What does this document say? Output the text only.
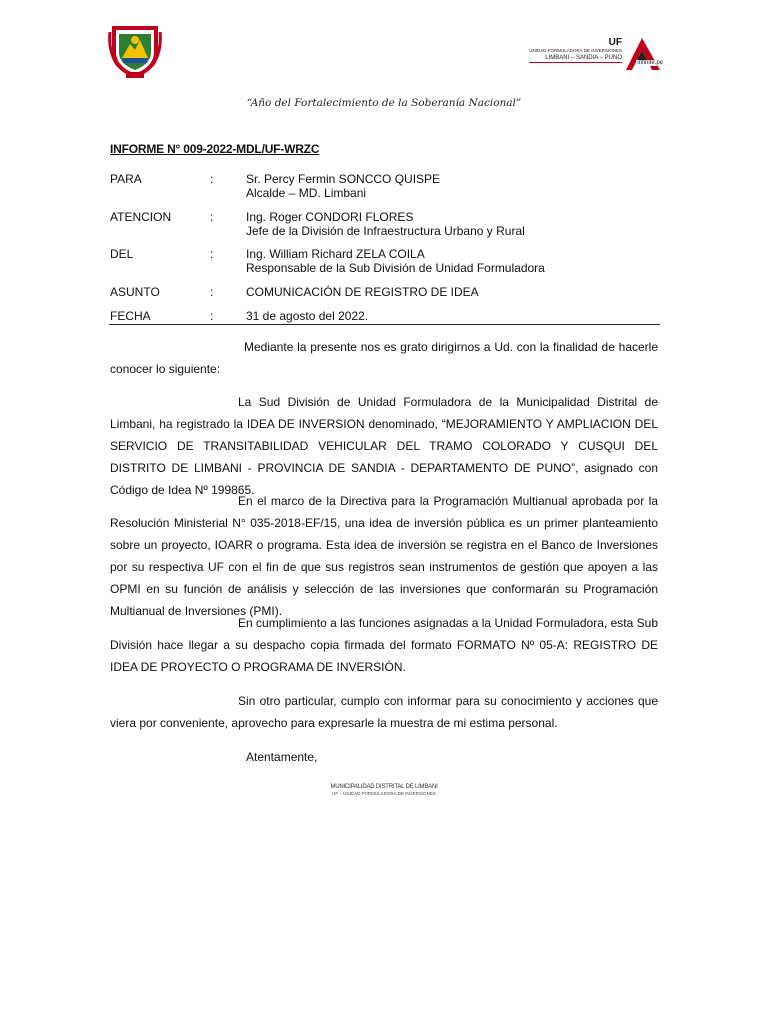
UF
UNIDAD FORMULADORA DE INVERSIONES
LIMBANI – SANDIA – PUNO
infinite.pe
“Año del Fortalecimiento de la Soberanía Nacional”
INFORME N° 009-2022-MDL/UF-WRZC
PARA	:	Sr. Percy Fermin SONCCO QUISPE
Alcalde – MD. Limbani
ATENCION	:	Ing. Roger CONDORI FLORES
Jefe de la División de Infraestructura Urbano y Rural
DEL	:	Ing. William Richard ZELA COILA
Responsable de la Sub División de Unidad Formuladora
ASUNTO	:	COMUNICACIÓN DE REGISTRO DE IDEA
FECHA	:	31 de agosto del 2022.
Mediante la presente nos es grato dirigirnos a Ud. con la finalidad de hacerle conocer lo siguiente:
La Sud División de Unidad Formuladora de la Municipalidad Distrital de Limbani, ha registrado la IDEA DE INVERSION denominado, “MEJORAMIENTO Y AMPLIACION DEL SERVICIO DE TRANSITABILIDAD VEHICULAR DEL TRAMO COLORADO Y CUSQUI DEL DISTRITO DE LIMBANI - PROVINCIA DE SANDIA - DEPARTAMENTO DE PUNO”, asignado con Código de Idea Nº 199865.
En el marco de la Directiva para la Programación Multianual aprobada por la Resolución Ministerial N° 035-2018-EF/15, una idea de inversión pública es un primer planteamiento sobre un proyecto, IOARR o programa. Esta idea de inversión se registra en el Banco de Inversiones por su respectiva UF con el fin de que sus registros sean instrumentos de gestión que apoyen a las OPMI en su función de análisis y selección de las inversiones que conformarán su Programación Multianual de Inversiones (PMI).
En cumplimiento a las funciones asignadas a la Unidad Formuladora, esta Sub División hace llegar a su despacho copia firmada del formato FORMATO Nº 05-A: REGISTRO DE IDEA DE PROYECTO O PROGRAMA DE INVERSIÓN.
Sin otro particular, cumplo con informar para su conocimiento y acciones que viera por conveniente, aprovecho para expresarle la muestra de mi estima personal.
Atentamente,
MUNICIPALIDAD DISTRITAL DE LIMBANI
UF – UNIDAD FORMULADORA DE INVERSIONES
